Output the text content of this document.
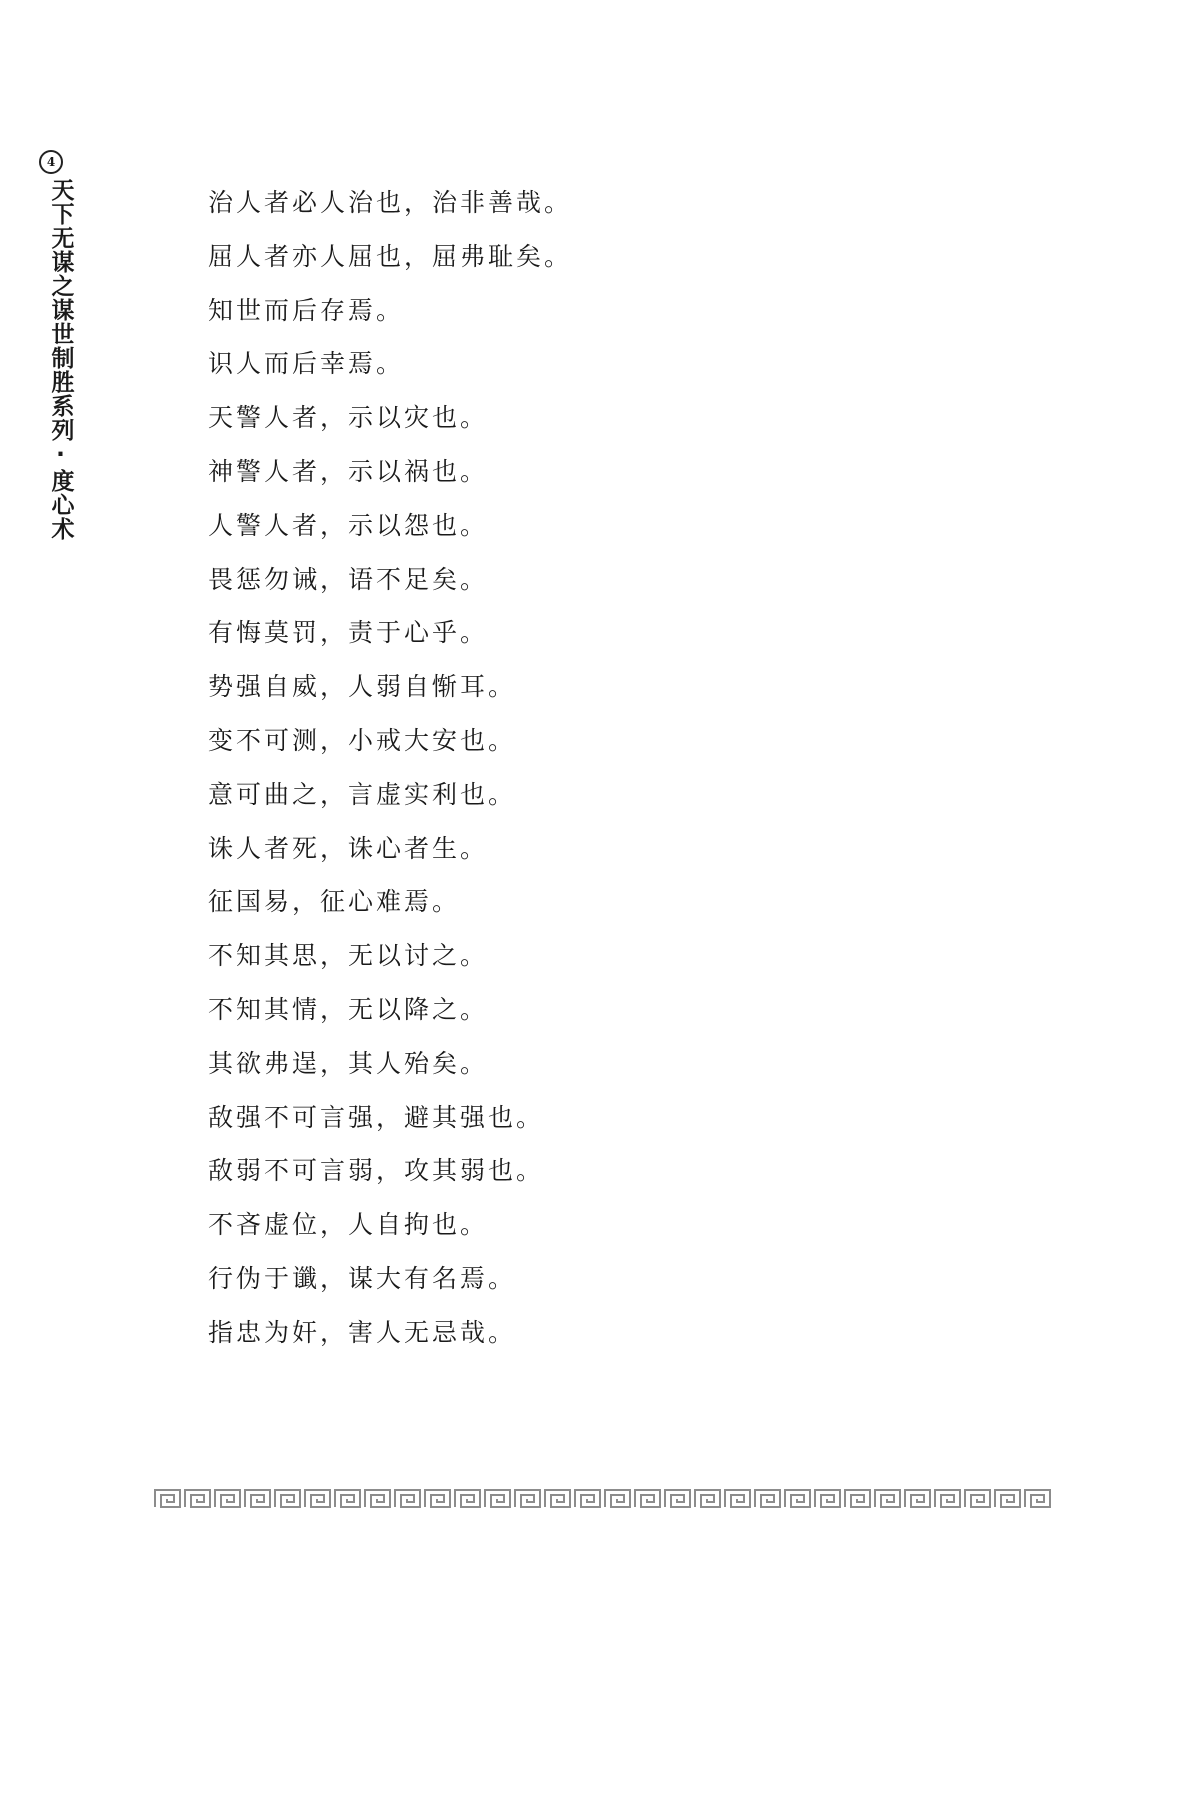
4
天下无谋之谋世制胜系列·度心术	治人者必人治也，治非善哉。
屈人者亦人屈也，屈弗耻矣。
知世而后存焉。
识人而后幸焉。
天警人者，示以灾也。
神警人者，示以祸也。
人警人者，示以怨也。
畏惩勿诫，语不足矣。
有悔莫罚，责于心乎。
势强自威，人弱自惭耳。
变不可测，小戒大安也。
意可曲之，言虚实利也。
诛人者死，诛心者生。
征国易，征心难焉。
不知其思，无以讨之。
不知其情，无以降之。
其欲弗逞，其人殆矣。
敌强不可言强，避其强也。
敌弱不可言弱，攻其弱也。
不吝虚位，人自拘也。
行伪于谶，谋大有名焉。
指忠为奸，害人无忌哉。
